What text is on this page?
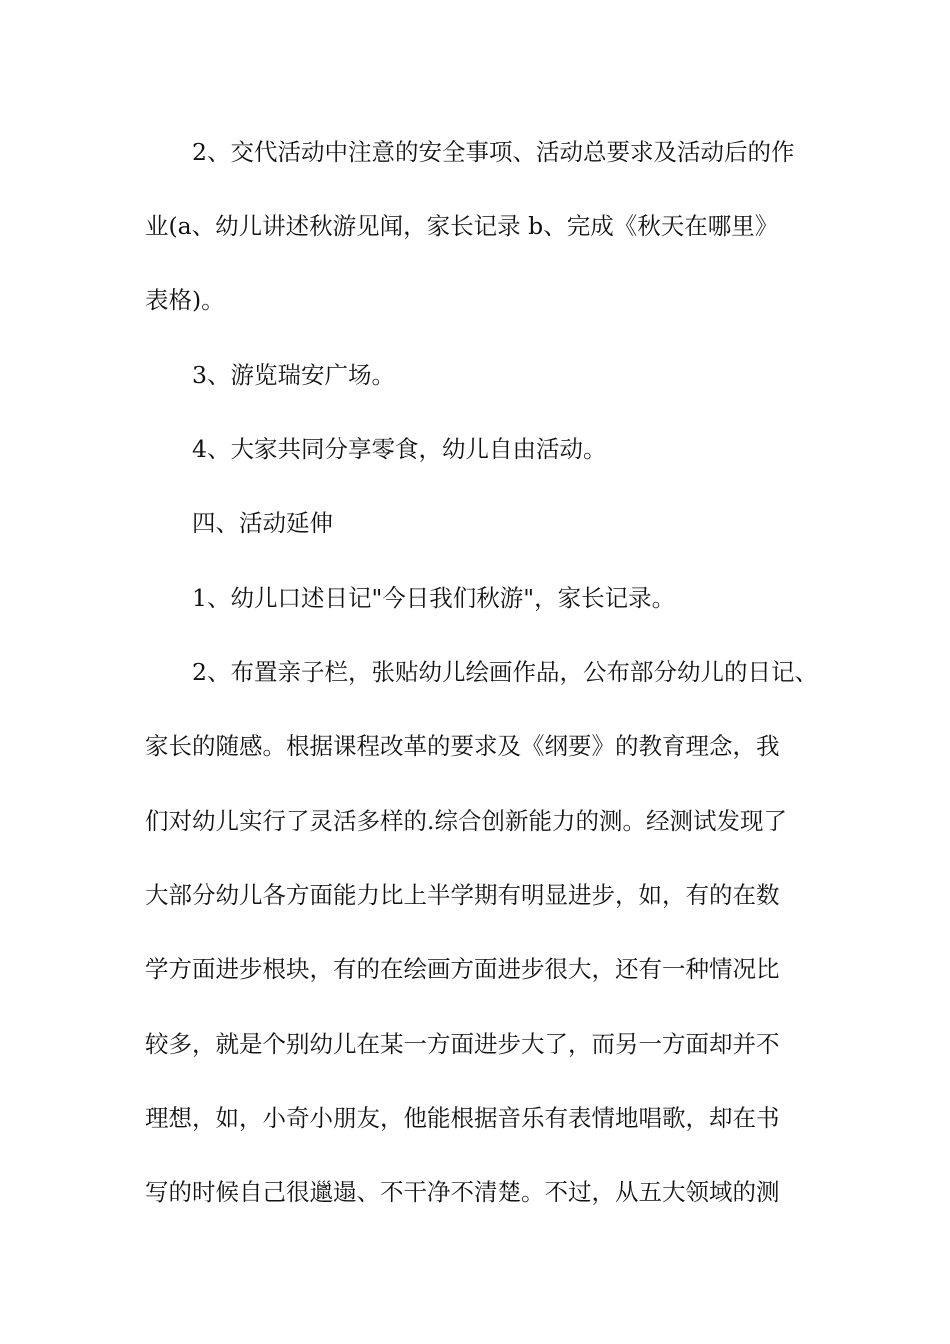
2、交代活动中注意的安全事项、活动总要求及活动后的作
业(a、幼儿讲述秋游见闻，家长记录 b、完成《秋天在哪里》
表格)。
3、游览瑞安广场。
4、大家共同分享零食，幼儿自由活动。
四、活动延伸
1、幼儿口述日记"今日我们秋游"，家长记录。
2、布置亲子栏，张贴幼儿绘画作品，公布部分幼儿的日记、
家长的随感。根据课程改革的要求及《纲要》的教育理念，我
们对幼儿实行了灵活多样的.综合创新能力的测。经测试发现了
大部分幼儿各方面能力比上半学期有明显进步，如，有的在数
学方面进步根块，有的在绘画方面进步很大，还有一种情况比
较多，就是个别幼儿在某一方面进步大了，而另一方面却并不
理想，如，小奇小朋友，他能根据音乐有表情地唱歌，却在书
写的时候自己很邋遢、不干净不清楚。不过，从五大领域的测
